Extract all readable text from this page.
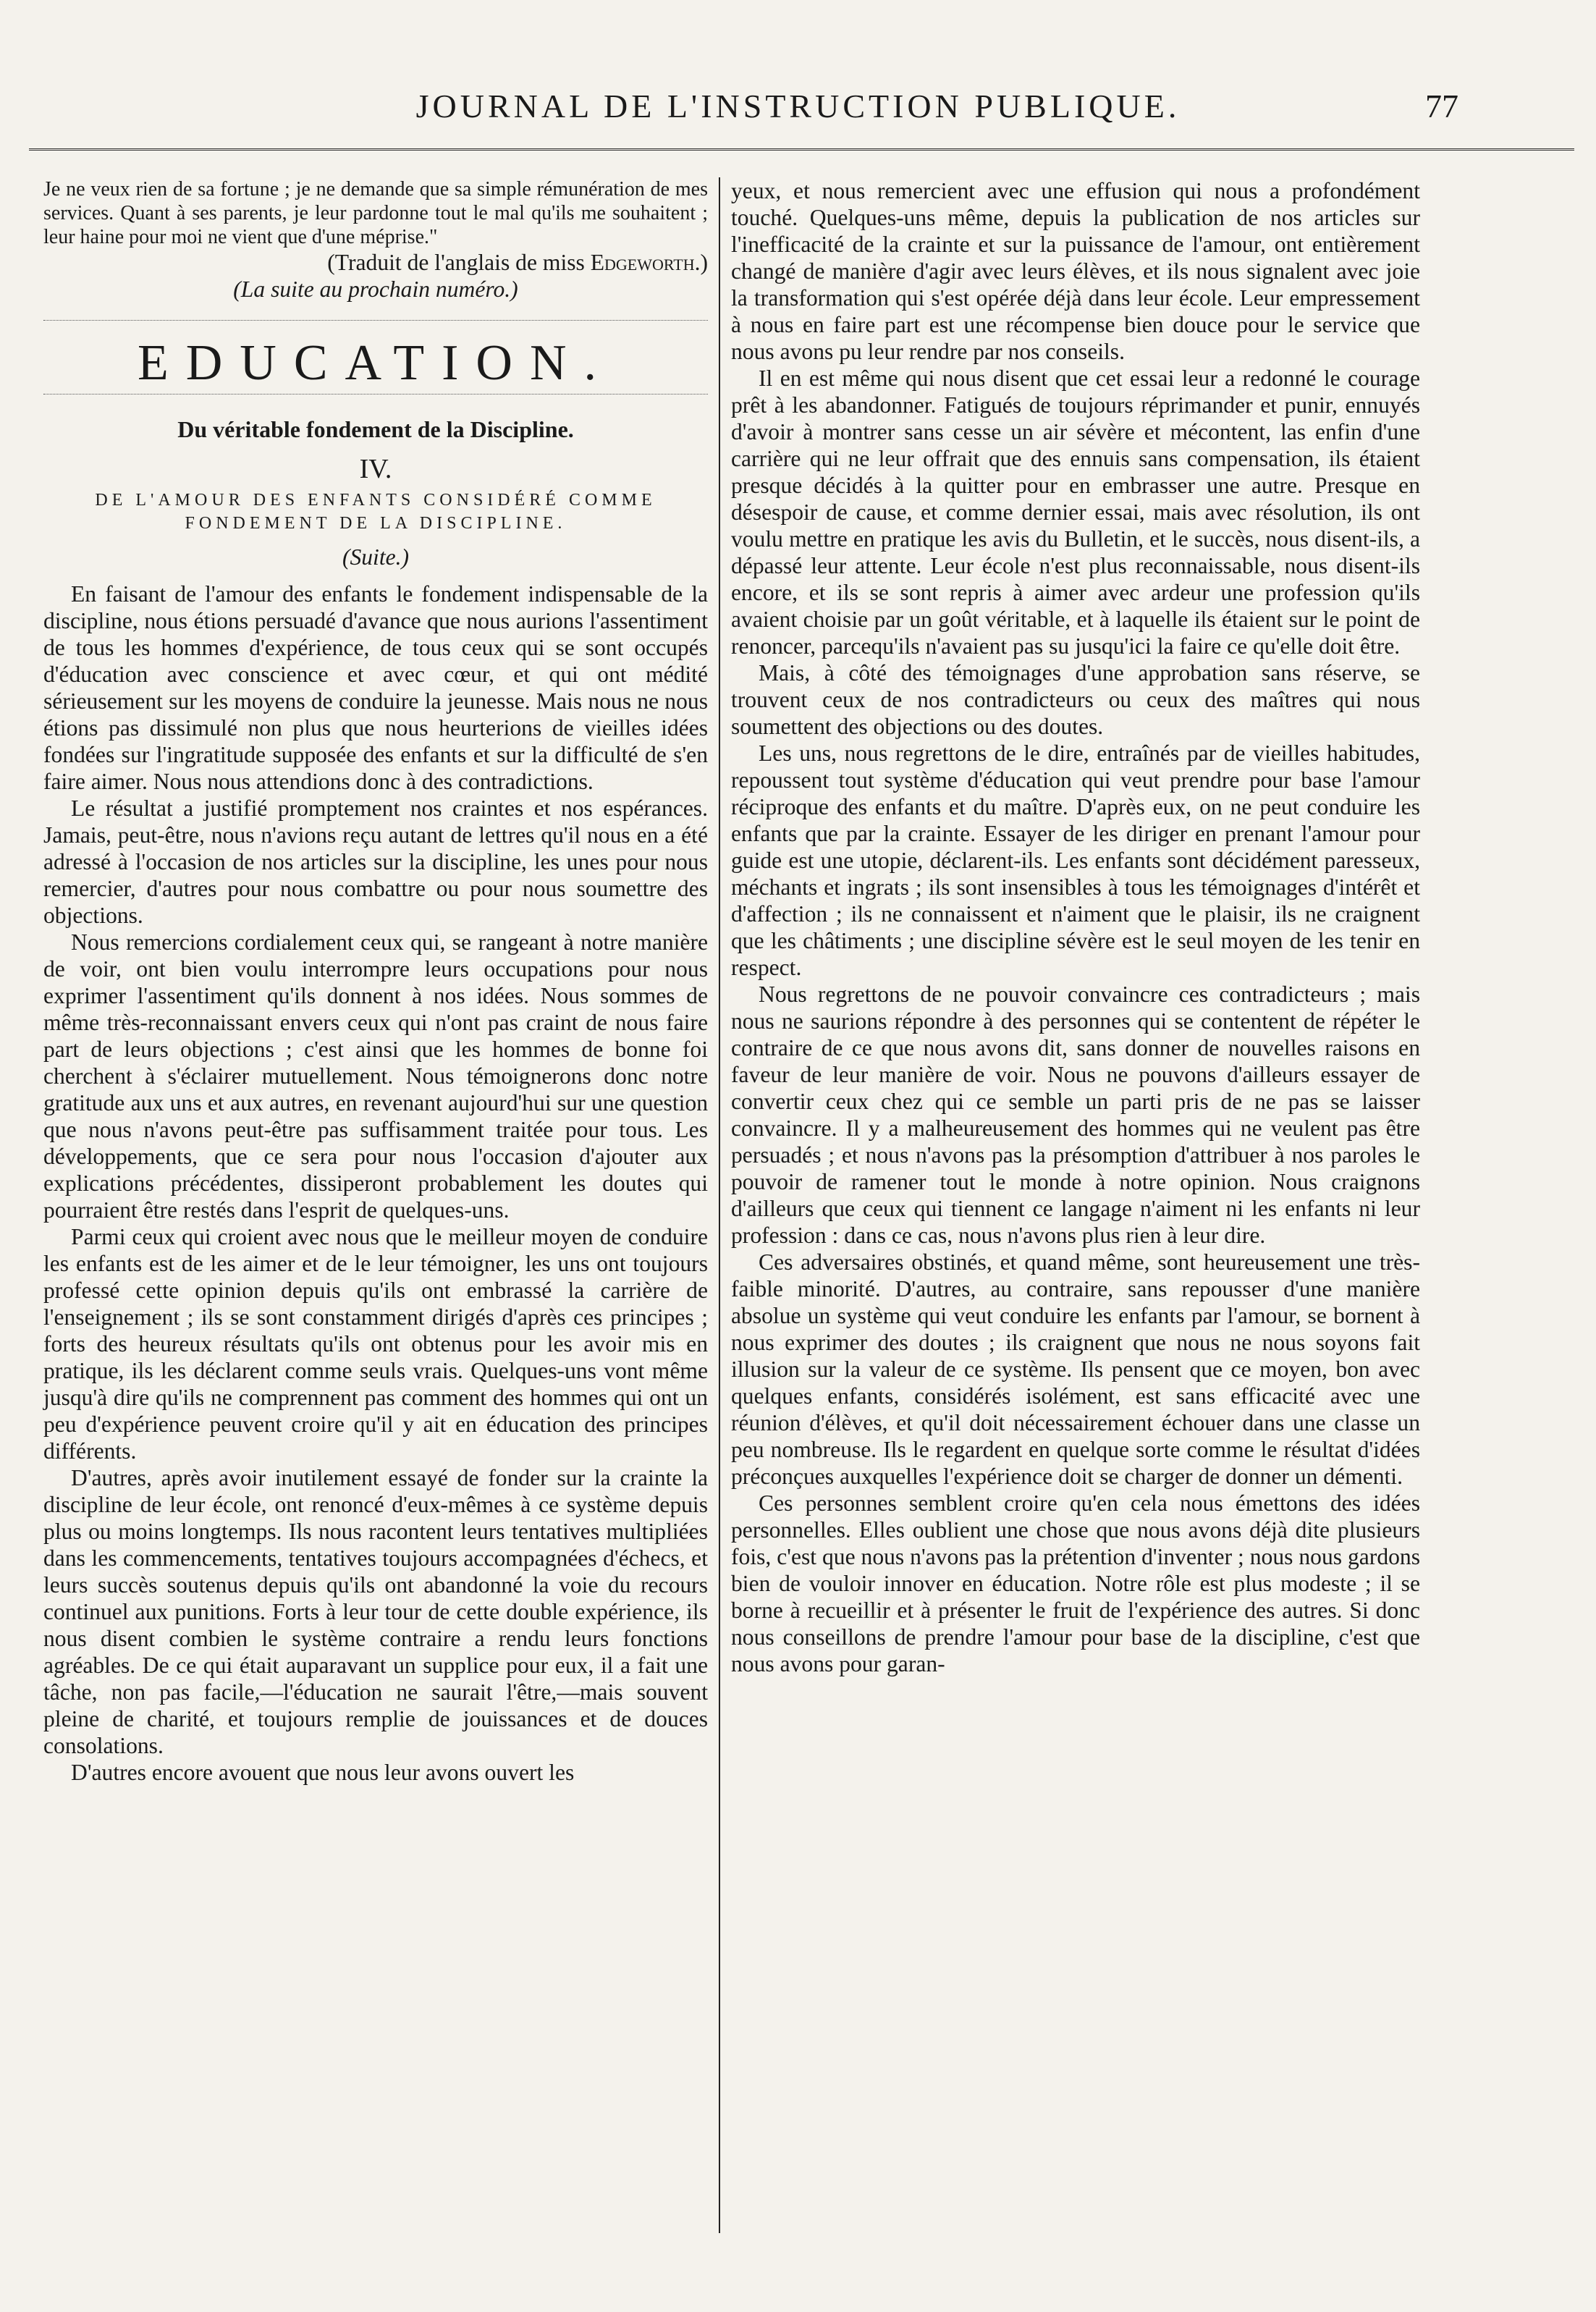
JOURNAL DE L'INSTRUCTION PUBLIQUE.	77

Je ne veux rien de sa fortune ; je ne demande que sa simple rémunération de mes services. Quant à ses parents, je leur pardonne tout le mal qu'ils me souhaitent ; leur haine pour moi ne vient que d'une méprise."

(Traduit de l'anglais de miss Edgeworth.)

(La suite au prochain numéro.)

EDUCATION.
Du véritable fondement de la Discipline.
IV.
DE L'AMOUR DES ENFANTS CONSIDÉRÉ COMME FONDEMENT DE LA DISCIPLINE.
(Suite.)

En faisant de l'amour des enfants le fondement indispensable de la discipline, nous étions persuadé d'avance que nous aurions l'assentiment de tous les hommes d'expérience, de tous ceux qui se sont occupés d'éducation avec conscience et avec cœur, et qui ont médité sérieusement sur les moyens de conduire la jeunesse. Mais nous ne nous étions pas dissimulé non plus que nous heurterions de vieilles idées fondées sur l'ingratitude supposée des enfants et sur la difficulté de s'en faire aimer. Nous nous attendions donc à des contradictions.

Le résultat a justifié promptement nos craintes et nos espérances. Jamais, peut-être, nous n'avions reçu autant de lettres qu'il nous en a été adressé à l'occasion de nos articles sur la discipline, les unes pour nous remercier, d'autres pour nous combattre ou pour nous soumettre des objections.

Nous remercions cordialement ceux qui, se rangeant à notre manière de voir, ont bien voulu interrompre leurs occupations pour nous exprimer l'assentiment qu'ils donnent à nos idées. Nous sommes de même très-reconnaissant envers ceux qui n'ont pas craint de nous faire part de leurs objections ; c'est ainsi que les hommes de bonne foi cherchent à s'éclairer mutuellement. Nous témoignerons donc notre gratitude aux uns et aux autres, en revenant aujourd'hui sur une question que nous n'avons peut-être pas suffisamment traitée pour tous. Les développements, que ce sera pour nous l'occasion d'ajouter aux explications précédentes, dissiperont probablement les doutes qui pourraient être restés dans l'esprit de quelques-uns.

Parmi ceux qui croient avec nous que le meilleur moyen de conduire les enfants est de les aimer et de le leur témoigner, les uns ont toujours professé cette opinion depuis qu'ils ont embrassé la carrière de l'enseignement ; ils se sont constamment dirigés d'après ces principes ; forts des heureux résultats qu'ils ont obtenus pour les avoir mis en pratique, ils les déclarent comme seuls vrais. Quelques-uns vont même jusqu'à dire qu'ils ne comprennent pas comment des hommes qui ont un peu d'expérience peuvent croire qu'il y ait en éducation des principes différents.

D'autres, après avoir inutilement essayé de fonder sur la crainte la discipline de leur école, ont renoncé d'eux-mêmes à ce système depuis plus ou moins longtemps. Ils nous racontent leurs tentatives multipliées dans les commencements, tentatives toujours accompagnées d'échecs, et leurs succès soutenus depuis qu'ils ont abandonné la voie du recours continuel aux punitions. Forts à leur tour de cette double expérience, ils nous disent combien le système contraire a rendu leurs fonctions agréables. De ce qui était auparavant un supplice pour eux, il a fait une tâche, non pas facile,—l'éducation ne saurait l'être,—mais souvent pleine de charité, et toujours remplie de jouissances et de douces consolations.

D'autres encore avouent que nous leur avons ouvert les

yeux, et nous remercient avec une effusion qui nous a profondément touché. Quelques-uns même, depuis la publication de nos articles sur l'inefficacité de la crainte et sur la puissance de l'amour, ont entièrement changé de manière d'agir avec leurs élèves, et ils nous signalent avec joie la transformation qui s'est opérée déjà dans leur école. Leur empressement à nous en faire part est une récompense bien douce pour le service que nous avons pu leur rendre par nos conseils.

Il en est même qui nous disent que cet essai leur a redonné le courage prêt à les abandonner. Fatigués de toujours réprimander et punir, ennuyés d'avoir à montrer sans cesse un air sévère et mécontent, las enfin d'une carrière qui ne leur offrait que des ennuis sans compensation, ils étaient presque décidés à la quitter pour en embrasser une autre. Presque en désespoir de cause, et comme dernier essai, mais avec résolution, ils ont voulu mettre en pratique les avis du Bulletin, et le succès, nous disent-ils, a dépassé leur attente. Leur école n'est plus reconnaissable, nous disent-ils encore, et ils se sont repris à aimer avec ardeur une profession qu'ils avaient choisie par un goût véritable, et à laquelle ils étaient sur le point de renoncer, parcequ'ils n'avaient pas su jusqu'ici la faire ce qu'elle doit être.

Mais, à côté des témoignages d'une approbation sans réserve, se trouvent ceux de nos contradicteurs ou ceux des maîtres qui nous soumettent des objections ou des doutes.

Les uns, nous regrettons de le dire, entraînés par de vieilles habitudes, repoussent tout système d'éducation qui veut prendre pour base l'amour réciproque des enfants et du maître. D'après eux, on ne peut conduire les enfants que par la crainte. Essayer de les diriger en prenant l'amour pour guide est une utopie, déclarent-ils. Les enfants sont décidément paresseux, méchants et ingrats ; ils sont insensibles à tous les témoignages d'intérêt et d'affection ; ils ne connaissent et n'aiment que le plaisir, ils ne craignent que les châtiments ; une discipline sévère est le seul moyen de les tenir en respect.

Nous regrettons de ne pouvoir convaincre ces contradicteurs ; mais nous ne saurions répondre à des personnes qui se contentent de répéter le contraire de ce que nous avons dit, sans donner de nouvelles raisons en faveur de leur manière de voir. Nous ne pouvons d'ailleurs essayer de convertir ceux chez qui ce semble un parti pris de ne pas se laisser convaincre. Il y a malheureusement des hommes qui ne veulent pas être persuadés ; et nous n'avons pas la présomption d'attribuer à nos paroles le pouvoir de ramener tout le monde à notre opinion. Nous craignons d'ailleurs que ceux qui tiennent ce langage n'aiment ni les enfants ni leur profession : dans ce cas, nous n'avons plus rien à leur dire.

Ces adversaires obstinés, et quand même, sont heureusement une très-faible minorité. D'autres, au contraire, sans repousser d'une manière absolue un système qui veut conduire les enfants par l'amour, se bornent à nous exprimer des doutes ; ils craignent que nous ne nous soyons fait illusion sur la valeur de ce système. Ils pensent que ce moyen, bon avec quelques enfants, considérés isolément, est sans efficacité avec une réunion d'élèves, et qu'il doit nécessairement échouer dans une classe un peu nombreuse. Ils le regardent en quelque sorte comme le résultat d'idées préconçues auxquelles l'expérience doit se charger de donner un démenti.

Ces personnes semblent croire qu'en cela nous émettons des idées personnelles. Elles oublient une chose que nous avons déjà dite plusieurs fois, c'est que nous n'avons pas la prétention d'inventer ; nous nous gardons bien de vouloir innover en éducation. Notre rôle est plus modeste ; il se borne à recueillir et à présenter le fruit de l'expérience des autres. Si donc nous conseillons de prendre l'amour pour base de la discipline, c'est que nous avons pour garan-
